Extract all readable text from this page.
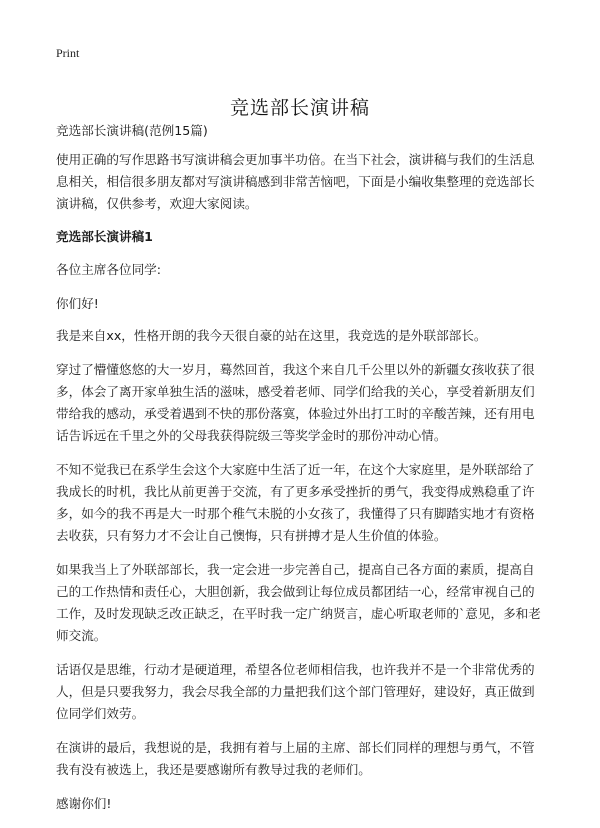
Print
竞选部长演讲稿

竞选部长演讲稿(范例15篇)

使用正确的写作思路书写演讲稿会更加事半功倍。在当下社会，演讲稿与我们的生活息息相关，相信很多朋友都对写演讲稿感到非常苦恼吧，下面是小编收集整理的竞选部长演讲稿，仅供参考，欢迎大家阅读。

竞选部长演讲稿1

各位主席各位同学:

你们好!

我是来自xx，性格开朗的我今天很自豪的站在这里，我竞选的是外联部部长。

穿过了懵懂悠悠的大一岁月，蓦然回首，我这个来自几千公里以外的新疆女孩收获了很多，体会了离开家单独生活的滋味，感受着老师、同学们给我的关心，享受着新朋友们带给我的感动，承受着遇到不快的那份落寞，体验过外出打工时的辛酸苦辣，还有用电话告诉远在千里之外的父母我获得院级三等奖学金时的那份冲动心情。

不知不觉我已在系学生会这个大家庭中生活了近一年，在这个大家庭里，是外联部给了我成长的时机，我比从前更善于交流，有了更多承受挫折的勇气，我变得成熟稳重了许多，如今的我不再是大一时那个稚气未脱的小女孩了，我懂得了只有脚踏实地才有资格去收获，只有努力才不会让自己懊悔，只有拼搏才是人生价值的体验。

如果我当上了外联部部长，我一定会进一步完善自己，提高自己各方面的素质，提高自己的工作热情和责任心，大胆创新，我会做到让每位成员都团结一心，经常审视自己的工作，及时发现缺乏改正缺乏，在平时我一定广纳贤言，虚心听取老师的`意见，多和老师交流。

话语仅是思维，行动才是硬道理，希望各位老师相信我，也许我并不是一个非常优秀的人，但是只要我努力，我会尽我全部的力量把我们这个部门管理好，建设好，真正做到位同学们效劳。

在演讲的最后，我想说的是，我拥有着与上届的主席、部长们同样的理想与勇气，不管我有没有被选上，我还是要感谢所有教导过我的老师们。

感谢你们!
